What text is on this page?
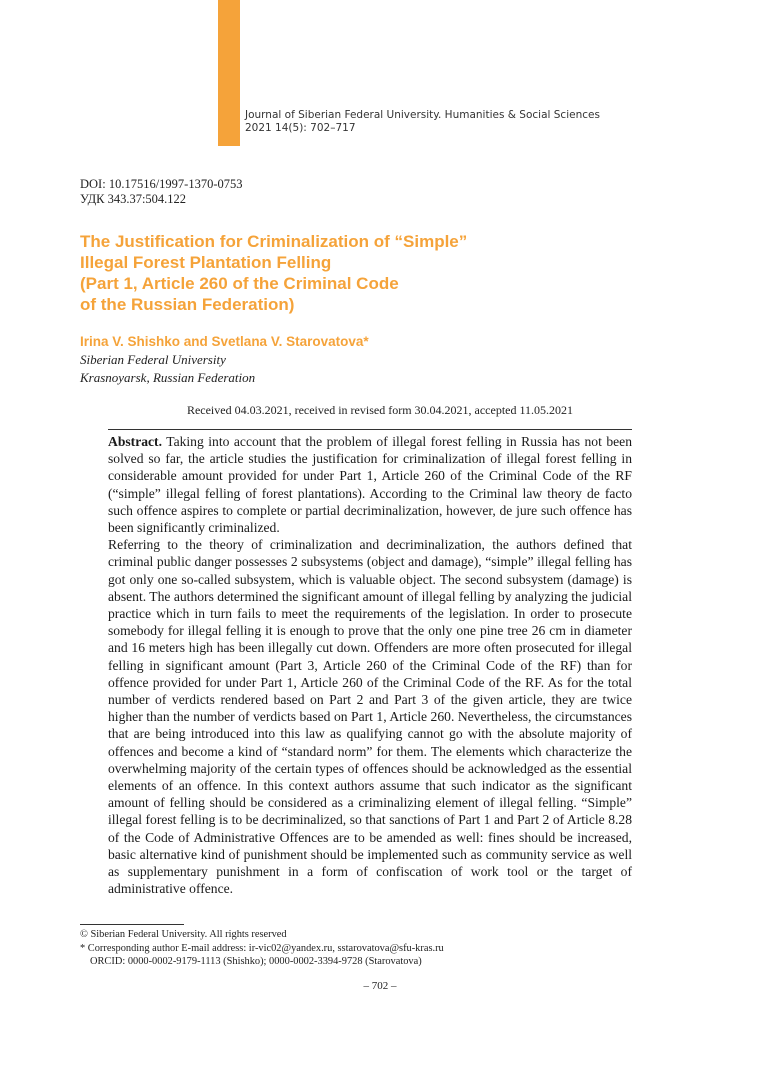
Journal of Siberian Federal University. Humanities & Social Sciences
2021 14(5): 702–717
DOI: 10.17516/1997-1370-0753
УДК 343.37:504.122
The Justification for Criminalization of “Simple”
Illegal Forest Plantation Felling
(Part 1, Article 260 of the Criminal Code
of the Russian Federation)
Irina V. Shishko and Svetlana V. Starovatova*
Siberian Federal University
Krasnoyarsk, Russian Federation
Received 04.03.2021, received in revised form 30.04.2021, accepted 11.05.2021

Abstract. Taking into account that the problem of illegal forest felling in Russia has not been solved so far, the article studies the justification for criminalization of illegal forest felling in considerable amount provided for under Part 1, Article 260 of the Criminal Code of the RF (“simple” illegal felling of forest plantations). According to the Criminal law theory de facto such offence aspires to complete or partial decriminalization, however, de jure such offence has been significantly criminalized.

Referring to the theory of criminalization and decriminalization, the authors defined that criminal public danger possesses 2 subsystems (object and damage), “simple” illegal felling has got only one so-called subsystem, which is valuable object. The second subsystem (damage) is absent. The authors determined the significant amount of illegal felling by analyzing the judicial practice which in turn fails to meet the requirements of the legislation. In order to prosecute somebody for illegal felling it is enough to prove that the only one pine tree 26 cm in diameter and 16 meters high has been illegally cut down. Offenders are more often prosecuted for illegal felling in significant amount (Part 3, Article 260 of the Criminal Code of the RF) than for offence provided for under Part 1, Article 260 of the Criminal Code of the RF. As for the total number of verdicts rendered based on Part 2 and Part 3 of the given article, they are twice higher than the number of verdicts based on Part 1, Article 260. Nevertheless, the circumstances that are being introduced into this law as qualifying cannot go with the absolute majority of offences and become a kind of “standard norm” for them. The elements which characterize the overwhelming majority of the certain types of offences should be acknowledged as the essential elements of an offence. In this context authors assume that such indicator as the significant amount of felling should be considered as a criminalizing element of illegal felling. “Simple” illegal forest felling is to be decriminalized, so that sanctions of Part 1 and Part 2 of Article 8.28 of the Code of Administrative Offences are to be amended as well: fines should be increased, basic alternative kind of punishment should be implemented such as community service as well as supplementary punishment in a form of confiscation of work tool or the target of administrative offence.

© Siberian Federal University. All rights reserved
* Corresponding author E-mail address: ir-vic02@yandex.ru, sstarovatova@sfu-kras.ru
ORCID: 0000-0002-9179-1113 (Shishko); 0000-0002-3394-9728 (Starovatova)
– 702 –
